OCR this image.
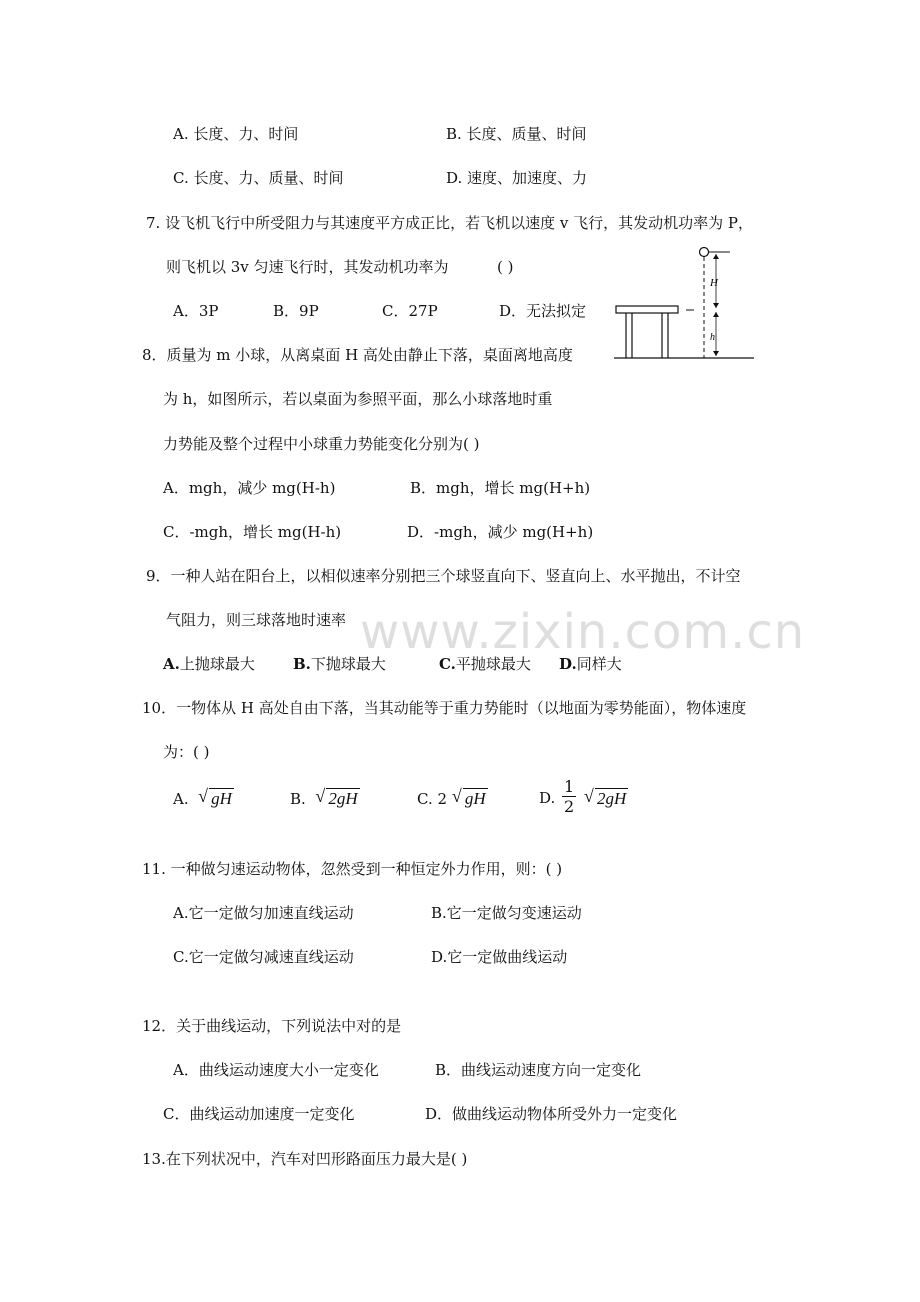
A. 长度、力、时间	B. 长度、质量、时间
C. 长度、力、质量、时间	D. 速度、加速度、力
7. 设飞机飞行中所受阻力与其速度平方成正比，若飞机以速度 v 飞行，其发动机功率为 P，
则飞机以 3v 匀速飞行时，其发动机功率为	( )
A．3P	B．9P	C．27P	D．无法拟定
H
h
8．质量为 m 小球，从离桌面 H 高处由静止下落，桌面离地高度
为 h，如图所示，若以桌面为参照平面，那么小球落地时重
力势能及整个过程中小球重力势能变化分别为( )
A．mgh，减少 mg(H-h)	B．mgh，增长 mg(H+h)
C．-mgh，增长 mg(H-h)	D．-mgh，减少 mg(H+h)
9．一种人站在阳台上，以相似速率分别把三个球竖直向下、竖直向上、水平抛出，不计空
气阻力，则三球落地时速率
A.上抛球最大	B.下抛球最大	C.平抛球最大 D.同样大
www.zixin.com.cn
10．一物体从 H 高处自由下落，当其动能等于重力势能时（以地面为零势能面），物体速度
为：( )
A. √ gH	B. √ 2gH	C. 2 √ gH	D. $\frac{1}{2}$ √ 2gH
11. 一种做匀速运动物体，忽然受到一种恒定外力作用，则：( )
A.它一定做匀加速直线运动	B.它一定做匀变速运动
C.它一定做匀减速直线运动	D.它一定做曲线运动
12．关于曲线运动，下列说法中对的是
A．曲线运动速度大小一定变化	B．曲线运动速度方向一定变化
C．曲线运动加速度一定变化	D．做曲线运动物体所受外力一定变化
13.在下列状况中，汽车对凹形路面压力最大是( )
